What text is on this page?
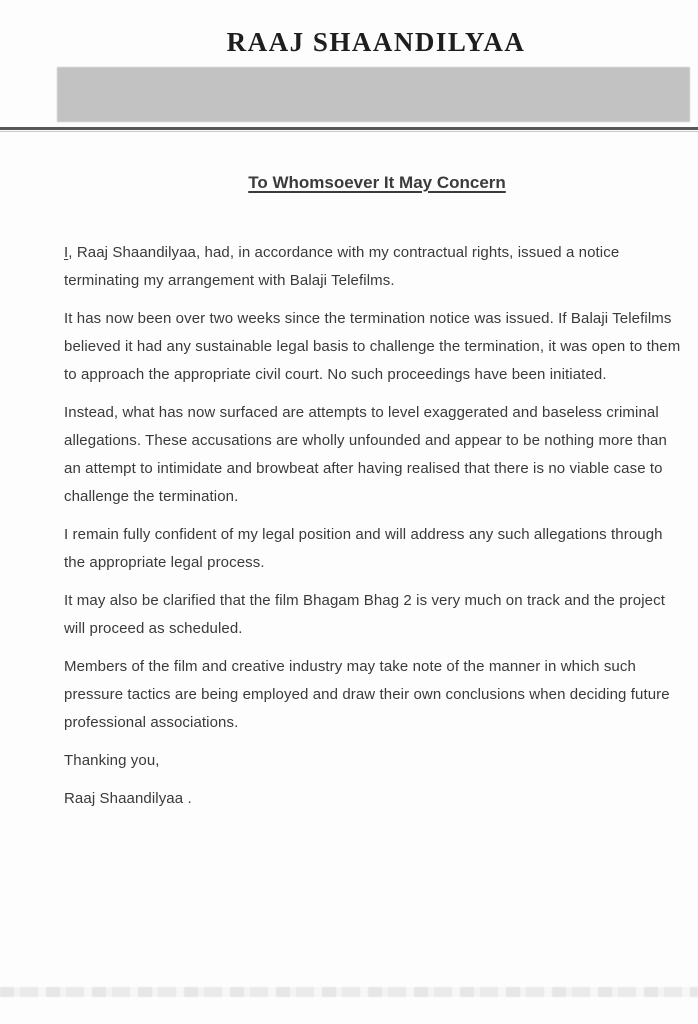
RAAJ SHAANDILYAA
To Whomsoever It May Concern

I, Raaj Shaandilyaa, had, in accordance with my contractual rights, issued a notice terminating my arrangement with Balaji Telefilms.

It has now been over two weeks since the termination notice was issued. If Balaji Telefilms believed it had any sustainable legal basis to challenge the termination, it was open to them to approach the appropriate civil court. No such proceedings have been initiated.

Instead, what has now surfaced are attempts to level exaggerated and baseless criminal allegations. These accusations are wholly unfounded and appear to be nothing more than an attempt to intimidate and browbeat after having realised that there is no viable case to challenge the termination.

I remain fully confident of my legal position and will address any such allegations through the appropriate legal process.

It may also be clarified that the film Bhagam Bhag 2 is very much on track and the project will proceed as scheduled.

Members of the film and creative industry may take note of the manner in which such pressure tactics are being employed and draw their own conclusions when deciding future professional associations.

Thanking you,

Raaj Shaandilyaa .
